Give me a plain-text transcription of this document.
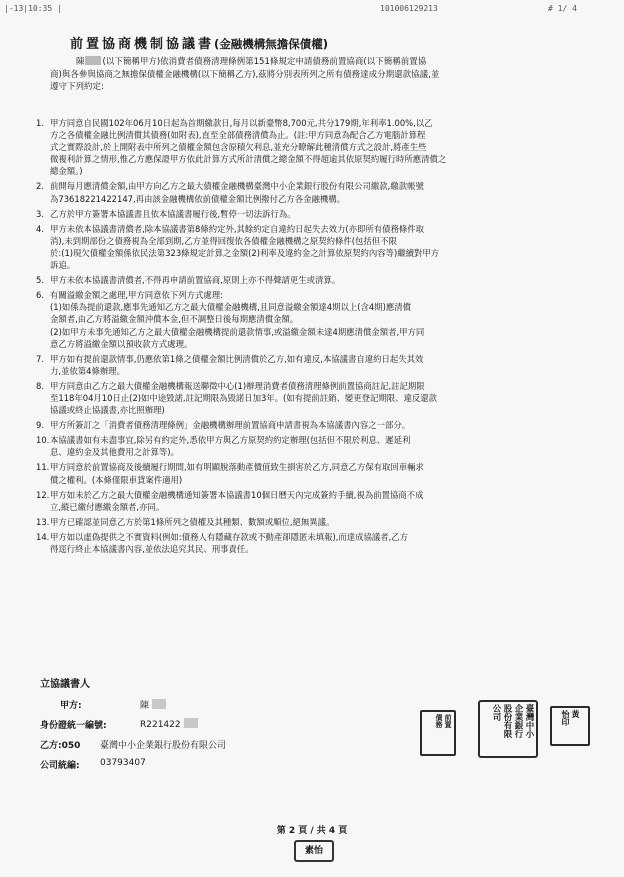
|-13|10:35 |	101006129213	# 1/ 4
前置協商機制協議書(金融機構無擔保債權)
陳 (以下簡稱甲方)依消費者債務清理條例第151條規定申請債務前置協商(以下簡稱前置協
商)與各參與協商之無擔保債權金融機構(以下簡稱乙方),茲將分別表所列之所有債務達成分期還款協議,並
遵守下列約定:
1. 甲方同意自民國102年06月10日起為首期繳款日,每月以新臺幣8,700元,共分179期,年利率1.00%,以乙
方之各債權金融比例清償其債務(如附表),直至全部債務清償為止。(註:甲方同意為配合乙方電腦計算程
式之實際設計,於上開附表中所列之債權金額包含原積欠利息,並充分瞭解此種清償方式之設計,將產生些
微複利計算之情形,惟乙方應保證甲方依此計算方式所計清償之總金額不得超逾其依原契約履行時所應清償之
總金額。)
2. 前開每月應清償金額,由甲方向乙方之最大債權金融機構臺灣中小企業銀行股份有限公司繳款,繳款帳號
為73618221422147,再由該金融機構依前債權金額比例撥付乙方各金融機構。
3. 乙方於甲方簽署本協議書且依本協議書履行後,暫停一切法訴行為。
4. 甲方未依本協議書清償者,除本協議書第8條約定外,其餘約定自違約日起失去效力(亦即所有債務條件取
消),未到期部份之債務視為全部到期,乙方並得回復依各債權金融機構之原契約條件(包括但不限
於:(1)現欠債權金額係依民法第323條規定計算之金額(2)利率及違約金之計算依原契約內容等)繼續對甲方
訴追。
5. 甲方未依本協議書清償者,不得再申請前置協商,原則上亦不得聲請更生或清算。
6. 有關溢繳金額之處理,甲方同意依下列方式處理:
(1)如係為提前還款,應事先通知乙方之最大債權金融機構,且同意溢繳金額達4期以上(含4期)應清償
金額者,由乙方將溢繳金額沖償本金,但不調整日後每期應清償金額。
(2)如甲方未事先通知乙方之最大債權金融機構提前還款情事,或溢繳金額未達4期應清償金額者,甲方同
意乙方將溢繳金額以預收款方式處理。
7. 甲方如有提前還款情事,仍應依第1條之債權金額比例清償於乙方,如有違反,本協議書自違約日起失其效
力,並依第4條辦理。
8. 甲方同意由乙方之最大債權金融機構報送聯徵中心(1)辦理消費者債務清理條例前置協商註記,註記期限
至118年04月10日止(2)如中途毀諾,註記期限為毀諾日加3年。(如有提前註銷、變更登記期限、違反還款
協議或終止協議書,亦比照辦理)
9. 甲方所簽訂之「消費者債務清理條例」金融機構辦理前置協商申請書視為本協議書內容之一部分。
10. 本協議書如有未盡事宜,除另有約定外,悉依甲方與乙方原契約約定辦理(包括但不限於利息、遲延利
息、違約金及其他費用之計算等)。
11. 甲方同意於前置協商及後續履行期間,如有明顯脫落動產價值致生損害於乙方,同意乙方保有取回車輛求
償之權利。(本條僅限車貸案件適用)
12. 甲方如未於乙方之最大債權金融機構通知簽署本協議書10個日曆天內完成簽約手續,視為前置協商不成
立,縱已繳付應繳金額者,亦同。
13. 甲方已確認並同意乙方於第1條所列之債權及其種類、數額或順位,絕無異議。
14. 甲方如以虛偽提供之不實資料(例如:債務人有隱藏存款或不動產卻隱匿未填報),而達成協議者,乙方
得逕行終止本協議書內容,並依法追究其民、刑事責任。
立協議書人
甲方:	陳
身份證統一編號:	R221422
乙方:050 臺灣中小企業銀行股份有限公司
公司統編: 03793407
前置
債務	臺灣中小
企業銀行
股份有限
公司	黃
怡印
第 2 頁 / 共 4 頁
素怡
